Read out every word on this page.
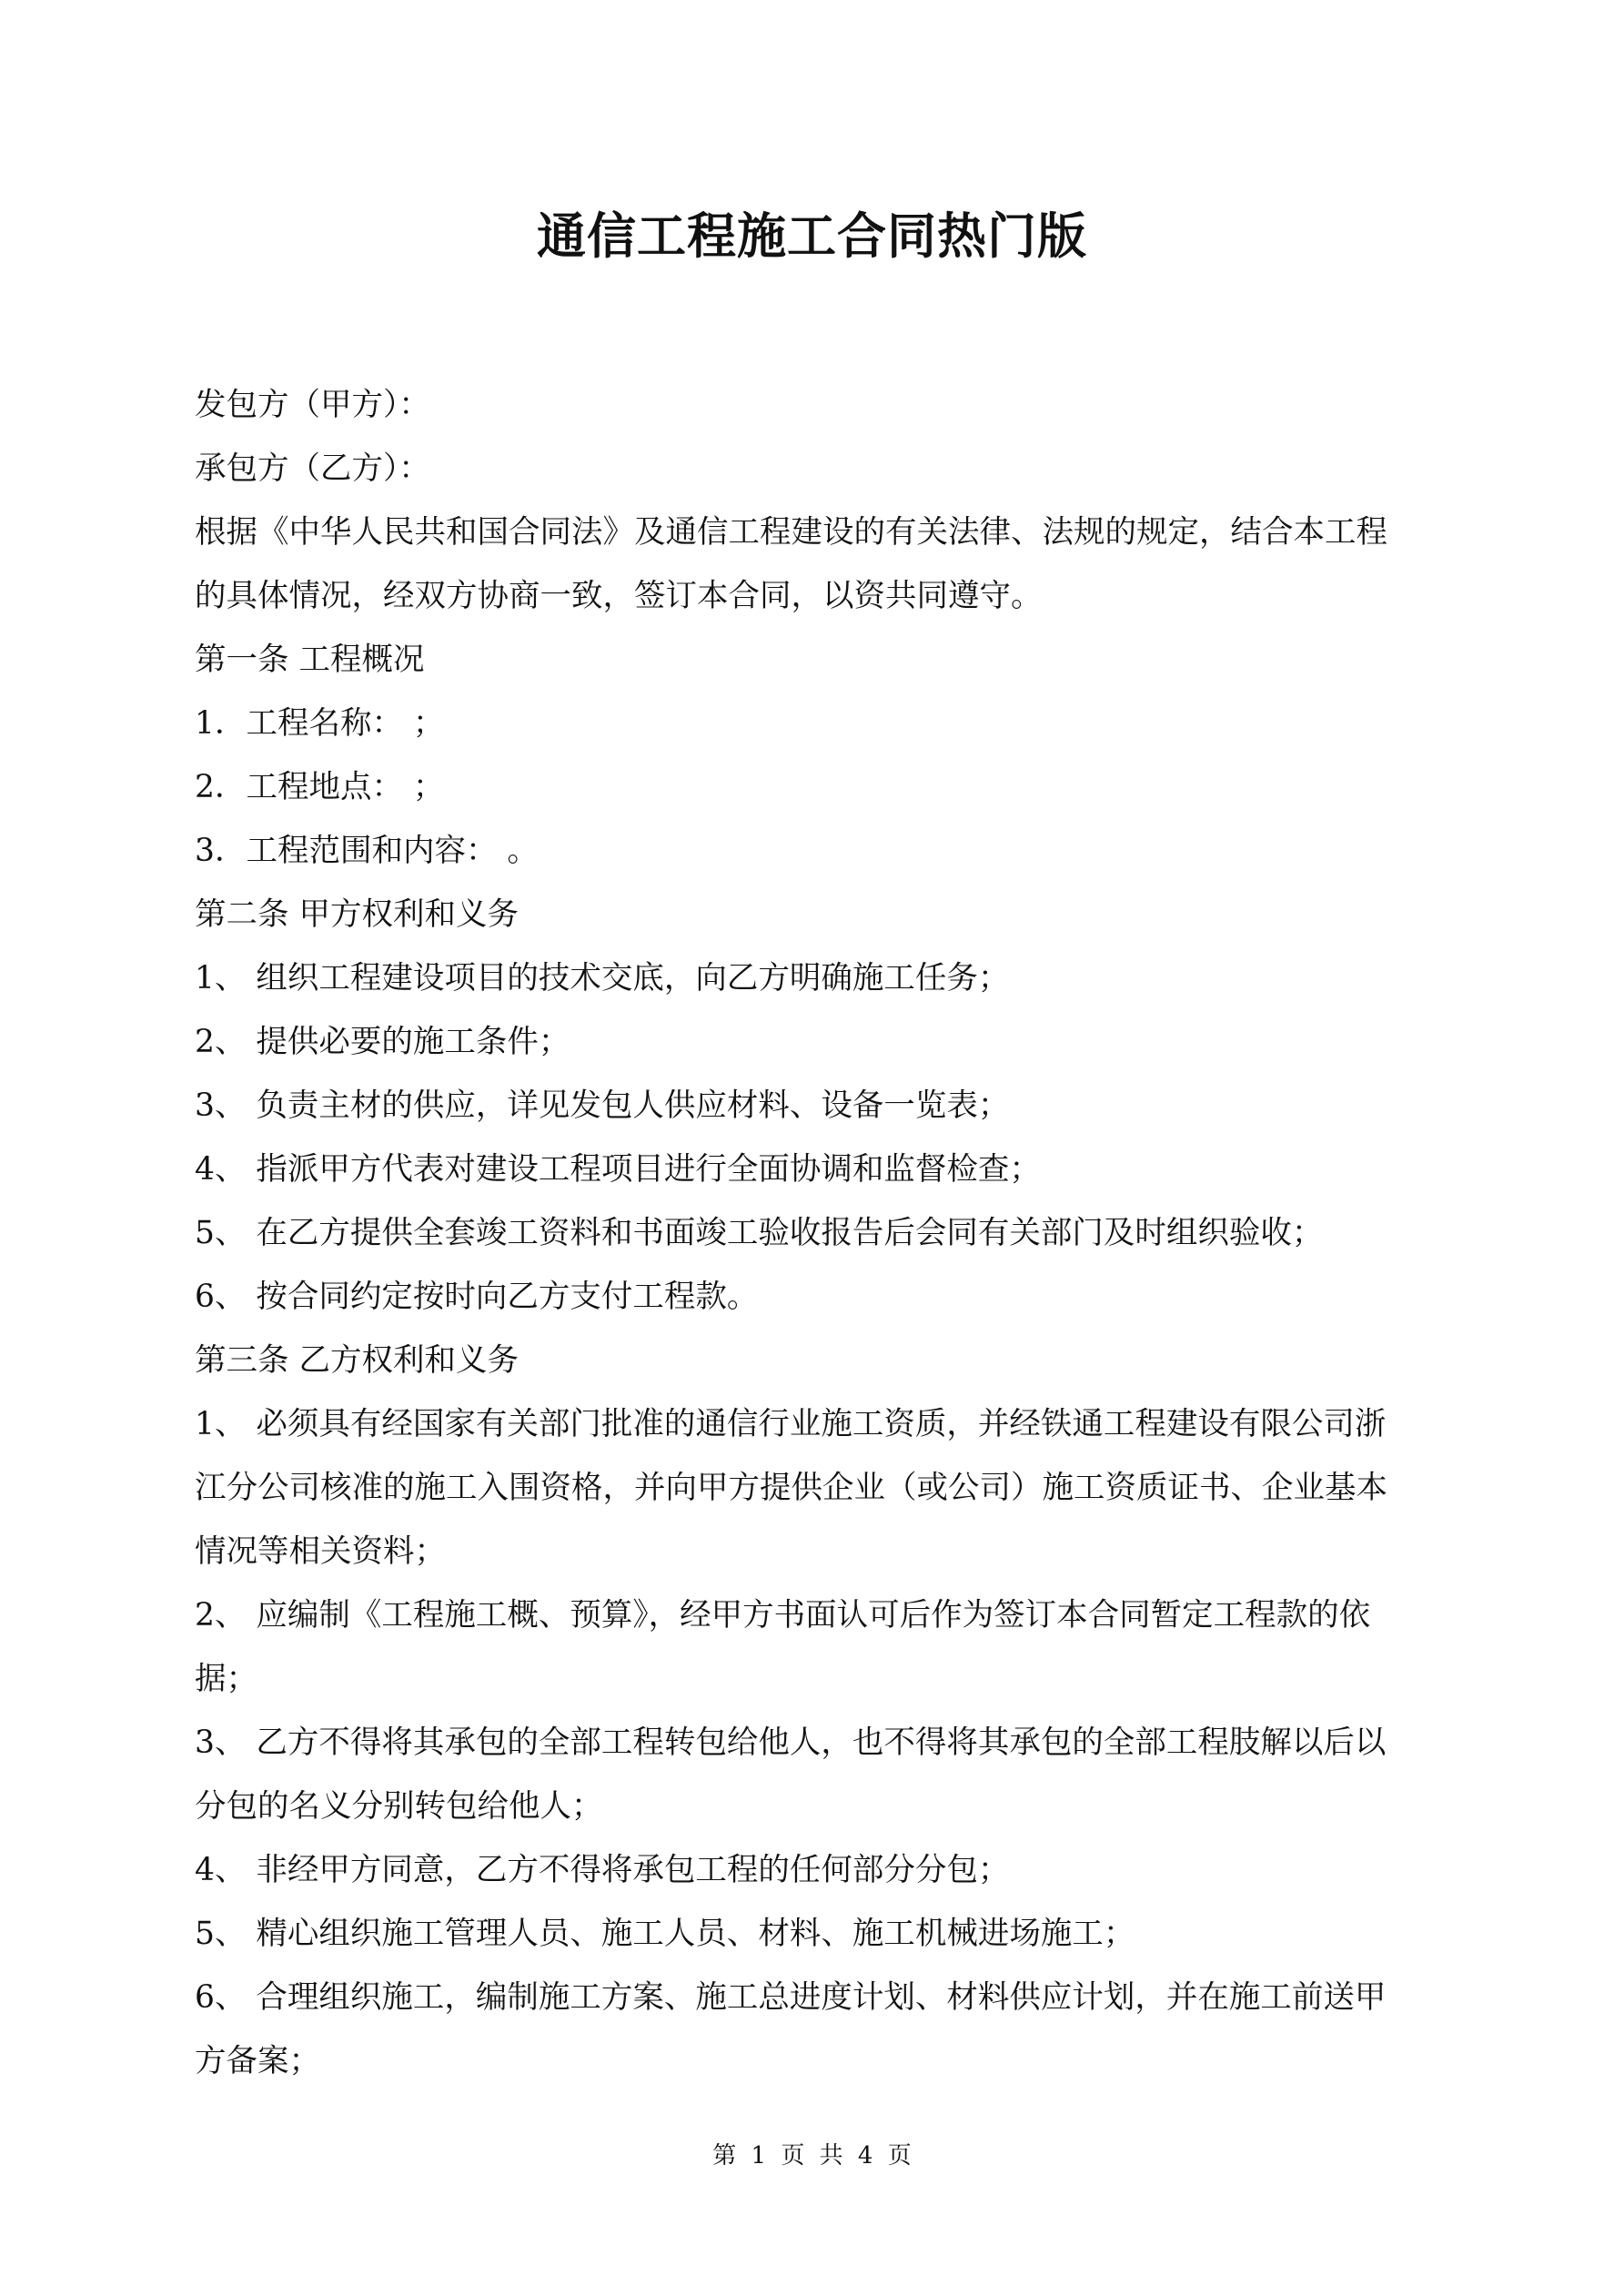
通信工程施工合同热门版
发包方（甲方）：
承包方（乙方）：
根据《中华人民共和国合同法》及通信工程建设的有关法律、法规的规定，结合本工程
的具体情况，经双方协商一致，签订本合同，以资共同遵守。
第一条 工程概况
1．工程名称： ；
2．工程地点： ；
3．工程范围和内容： 。
第二条 甲方权利和义务
1、 组织工程建设项目的技术交底，向乙方明确施工任务；
2、 提供必要的施工条件；
3、 负责主材的供应，详见发包人供应材料、设备一览表；
4、 指派甲方代表对建设工程项目进行全面协调和监督检查；
5、 在乙方提供全套竣工资料和书面竣工验收报告后会同有关部门及时组织验收；
6、 按合同约定按时向乙方支付工程款。
第三条 乙方权利和义务
1、 必须具有经国家有关部门批准的通信行业施工资质，并经铁通工程建设有限公司浙
江分公司核准的施工入围资格，并向甲方提供企业（或公司）施工资质证书、企业基本
情况等相关资料；
2、 应编制《工程施工概、预算》，经甲方书面认可后作为签订本合同暂定工程款的依
据；
3、 乙方不得将其承包的全部工程转包给他人，也不得将其承包的全部工程肢解以后以
分包的名义分别转包给他人；
4、 非经甲方同意，乙方不得将承包工程的任何部分分包；
5、 精心组织施工管理人员、施工人员、材料、施工机械进场施工；
6、 合理组织施工，编制施工方案、施工总进度计划、材料供应计划，并在施工前送甲
方备案；
第 1 页 共 4 页
